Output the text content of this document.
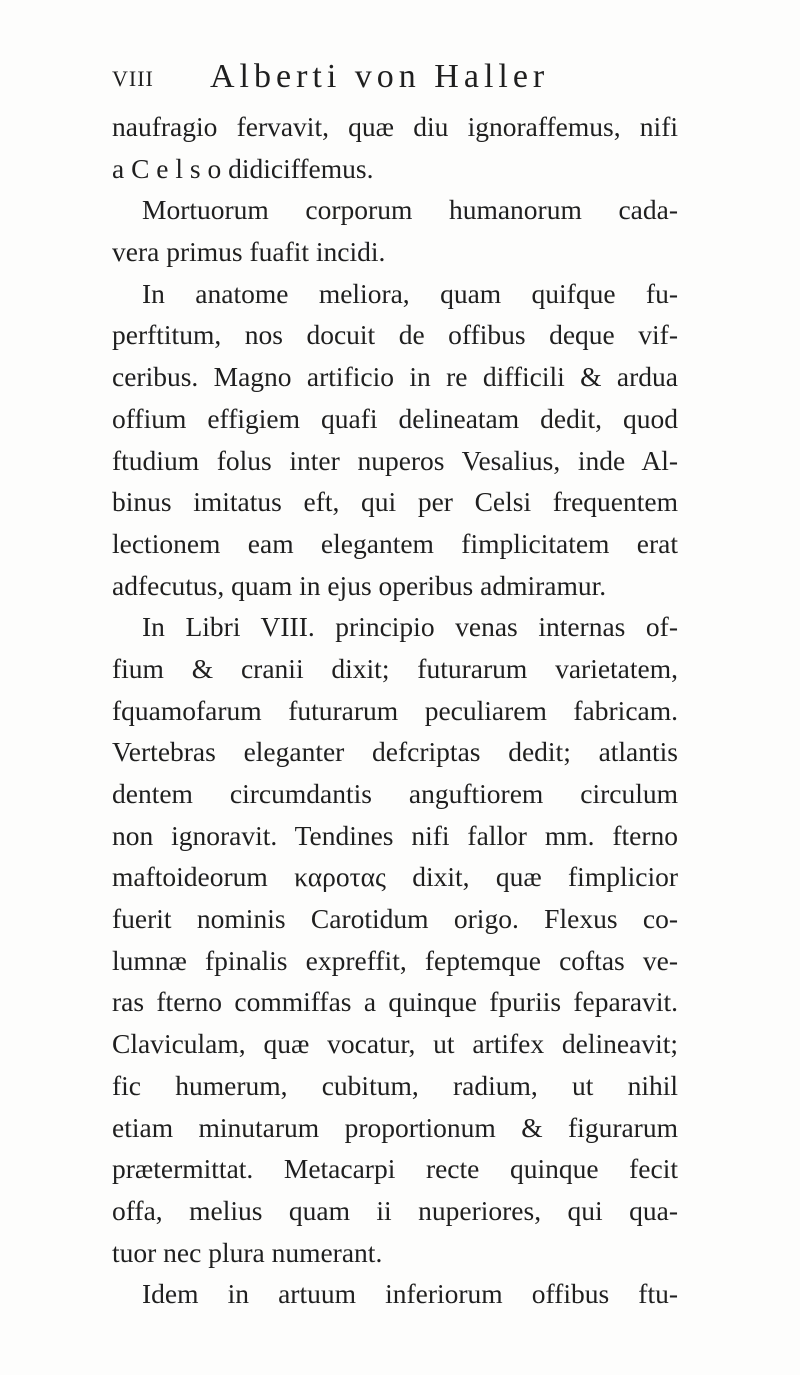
VIII Alberti von Haller
naufragio fervavit, quæ diu ignoraffemus, nifi
a C e l s o didiciffemus.
Mortuorum corporum humanorum cada-
vera primus fuafit incidi.
In anatome meliora, quam quifque fu-
perftitum, nos docuit de offibus deque vif-
ceribus. Magno artificio in re difficili & ardua
offium effigiem quafi delineatam dedit, quod
ftudium folus inter nuperos Vesalius, inde Al-
binus imitatus eft, qui per Celsi frequentem
lectionem eam elegantem fimplicitatem erat
adfecutus, quam in ejus operibus admiramur.
In Libri VIII. principio venas internas of-
fium & cranii dixit; futurarum varietatem,
fquamofarum futurarum peculiarem fabricam.
Vertebras eleganter defcriptas dedit; atlantis
dentem circumdantis anguftiorem circulum
non ignoravit. Tendines nifi fallor mm. fterno
maftoideorum καροτας dixit, quæ fimplicior
fuerit nominis Carotidum origo. Flexus co-
lumnæ fpinalis expreffit, feptemque coftas ve-
ras fterno commiffas a quinque fpuriis feparavit.
Claviculam, quæ vocatur, ut artifex delineavit;
fic humerum, cubitum, radium, ut nihil
etiam minutarum proportionum & figurarum
prætermittat. Metacarpi recte quinque fecit
offa, melius quam ii nuperiores, qui qua-
tuor nec plura numerant.
Idem in artuum inferiorum offibus ftu-
